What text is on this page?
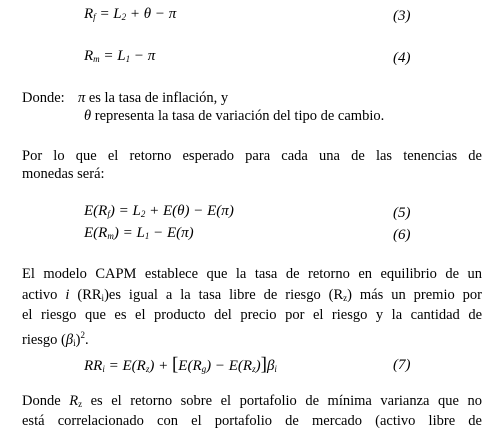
$R_f = L_2 + \theta - \pi$	(3)
$R_m = L_1 - \pi$	(4)
Donde: π es la tasa de inflación, y
θ representa la tasa de variación del tipo de cambio.
Por lo que el retorno esperado para cada una de las tenencias de
monedas será:
$E(R_f) = L_2 + E(\theta) - E(\pi)$	(5)
$E(R_m) = L_1 - E(\pi)$	(6)
El modelo CAPM establece que la tasa de retorno en equilibrio de un
activo i $(RR_i)es$ igual a la tasa libre de riesgo $(R_z)$ más un premio por
el riesgo que es el producto del precio por el riesgo y la cantidad de
riesgo $(\beta_i)^2$.
$RR_i = E(R_z) + [E(R_g) - E(R_z)]\beta_i$	(7)
Donde $R_z$ es el retorno sobre el portafolio de mínima varianza que no
está correlacionado con el portafolio de mercado (activo libre de
